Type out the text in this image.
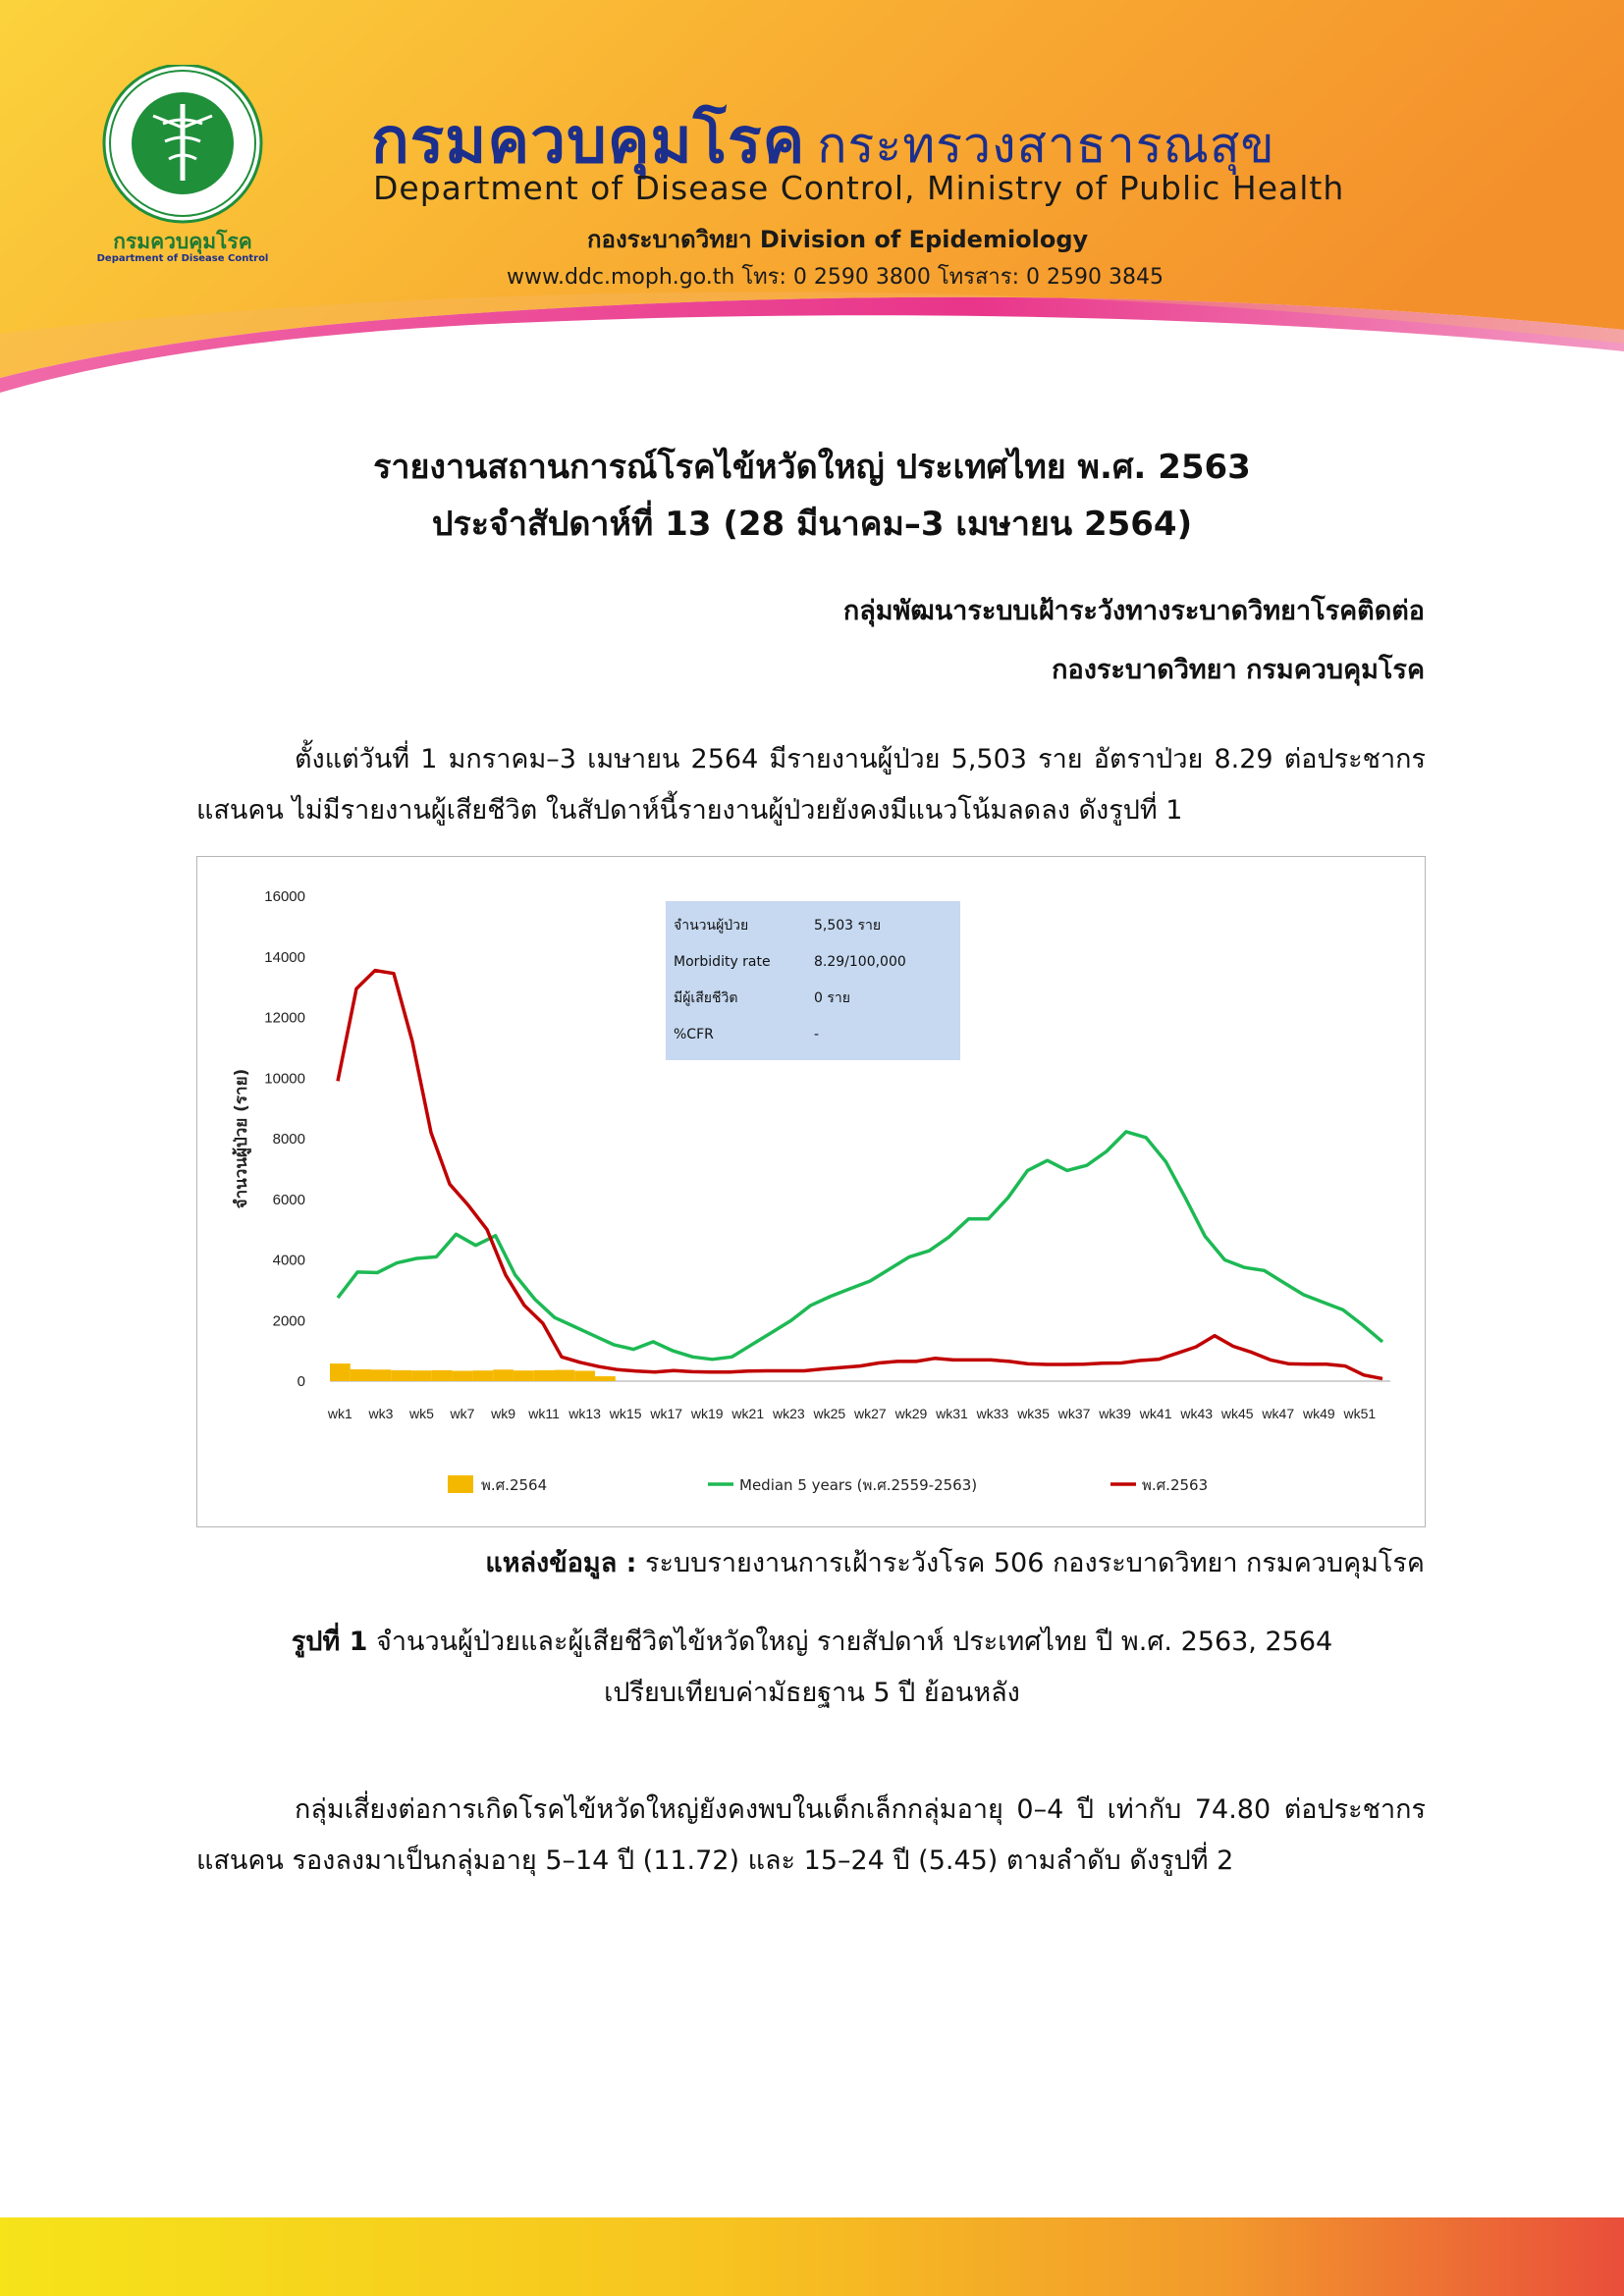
กรมควบคุมโรค
Department of Disease Control
กรมควบคุมโรค กระทรวงสาธารณสุข
Department of Disease Control, Ministry of Public Health
กองระบาดวิทยา Division of Epidemiology
www.ddc.moph.go.th โทร: 0 2590 3800 โทรสาร: 0 2590 3845
รายงานสถานการณ์โรคไข้หวัดใหญ่ ประเทศไทย พ.ศ. 2563
ประจำสัปดาห์ที่ 13 (28 มีนาคม–3 เมษายน 2564)
กลุ่มพัฒนาระบบเฝ้าระวังทางระบาดวิทยาโรคติดต่อ
กองระบาดวิทยา กรมควบคุมโรค
ตั้งแต่วันที่ 1 มกราคม–3 เมษายน 2564 มีรายงานผู้ป่วย 5,503 ราย อัตราป่วย 8.29 ต่อประชากร
แสนคน ไม่มีรายงานผู้เสียชีวิต ในสัปดาห์นี้รายงานผู้ป่วยยังคงมีแนวโน้มลดลง ดังรูปที่ 1
0
2000
4000
6000
8000
10000
12000
14000
16000
จำนวนผู้ป่วย (ราย)
wk1 wk3 wk5 wk7 wk9 wk11 wk13 wk15 wk17 wk19 wk21 wk23 wk25 wk27 wk29 wk31 wk33 wk35 wk37 wk39 wk41 wk43 wk45 wk47 wk49 wk51
จำนวนผู้ป่วย	5,503 ราย
Morbidity rate	8.29/100,000
มีผู้เสียชีวิต	0 ราย
%CFR	-
พ.ศ.2564	Median 5 years (พ.ศ.2559-2563)	พ.ศ.2563
แหล่งข้อมูล : ระบบรายงานการเฝ้าระวังโรค 506 กองระบาดวิทยา กรมควบคุมโรค
รูปที่ 1 จำนวนผู้ป่วยและผู้เสียชีวิตไข้หวัดใหญ่ รายสัปดาห์ ประเทศไทย ปี พ.ศ. 2563, 2564
เปรียบเทียบค่ามัธยฐาน 5 ปี ย้อนหลัง
กลุ่มเสี่ยงต่อการเกิดโรคไข้หวัดใหญ่ยังคงพบในเด็กเล็กกลุ่มอายุ 0–4 ปี เท่ากับ 74.80 ต่อประชากร
แสนคน รองลงมาเป็นกลุ่มอายุ 5–14 ปี (11.72) และ 15–24 ปี (5.45) ตามลำดับ ดังรูปที่ 2
